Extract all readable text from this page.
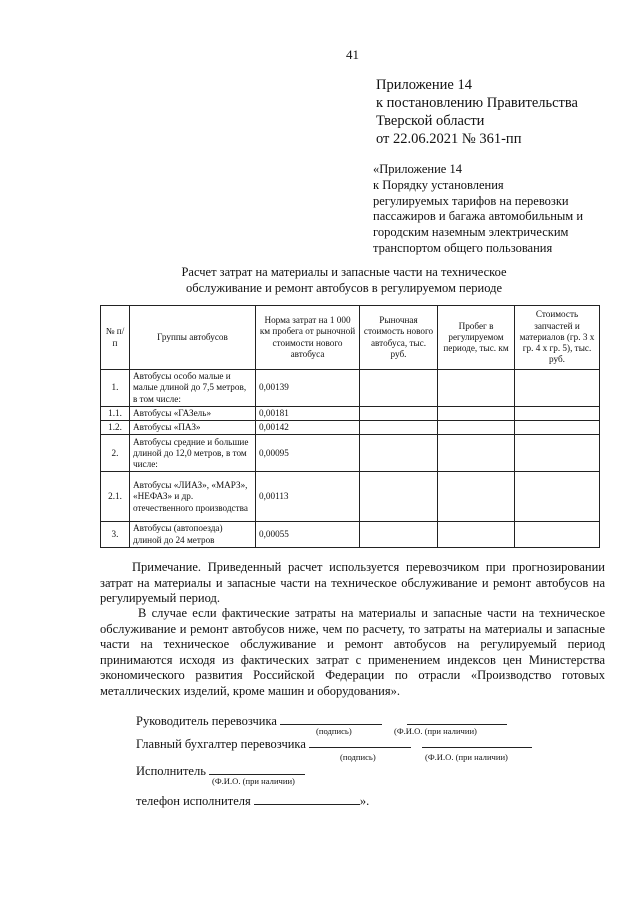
41
Приложение 14
к постановлению Правительства
Тверской области
от 22.06.2021 № 361-пп
«Приложение 14
к Порядку установления
регулируемых тарифов на перевозки
пассажиров и багажа автомобильным и
городским наземным электрическим
транспортом общего пользования
Расчет затрат на материалы и запасные части на техническое
обслуживание и ремонт автобусов в регулируемом периоде
№ п/п	Группы автобусов	Норма затрат на 1 000 км пробега от рыночной стоимости нового автобуса	Рыночная стоимость нового автобуса, тыс. руб.	Пробег в регулируемом периоде, тыс. км	Стоимость запчастей и материалов (гр. 3 х гр. 4 х гр. 5), тыс. руб.
1.	Автобусы особо малые и малые длиной до 7,5 метров, в том числе:	0,00139			
1.1.	Автобусы «ГАЗель»	0,00181			
1.2.	Автобусы «ПАЗ»	0,00142			
2.	Автобусы средние и большие длиной до 12,0 метров, в том числе:	0,00095			
2.1.	Автобусы «ЛИАЗ», «МАРЗ», «НЕФАЗ» и др. отечественного производства	0,00113			
3.	Автобусы (автопоезда) длиной до 24 метров	0,00055			
Примечание. Приведенный расчет используется перевозчиком при прогнозировании затрат на материалы и запасные части на техническое обслуживание и ремонт автобусов на регулируемый период.
В случае если фактические затраты на материалы и запасные части на техническое обслуживание и ремонт автобусов ниже, чем по расчету, то затраты на материалы и запасные части на техническое обслуживание и ремонт автобусов на регулируемый период принимаются исходя из фактических затрат с применением индексов цен Министерства экономического развития Российской Федерации по отрасли «Производство готовых металлических изделий, кроме машин и оборудования».
Руководитель перевозчика
(подпись)	(Ф.И.О. (при наличии)
Главный бухгалтер перевозчика
(подпись)	(Ф.И.О. (при наличии)
Исполнитель
(Ф.И.О. (при наличии)
телефон исполнителя	».
